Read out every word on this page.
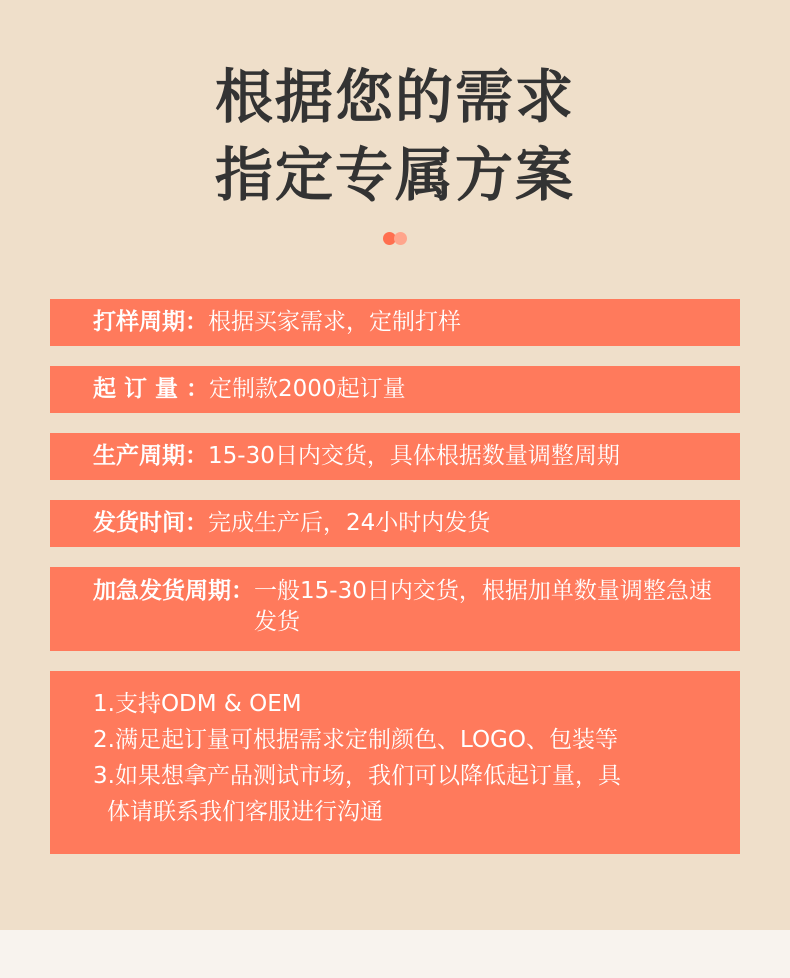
根据您的需求
指定专属方案
打样周期： 根据买家需求，定制打样
起 订 量 ： 定制款2000起订量
生产周期： 15-30日内交货，具体根据数量调整周期
发货时间： 完成生产后，24小时内发货
加急发货周期： 一般15-30日内交货，根据加单数量调整急速发货
1.支持ODM & OEM
2.满足起订量可根据需求定制颜色、LOGO、包装等
3.如果想拿产品测试市场，我们可以降低起订量，具
体请联系我们客服进行沟通
